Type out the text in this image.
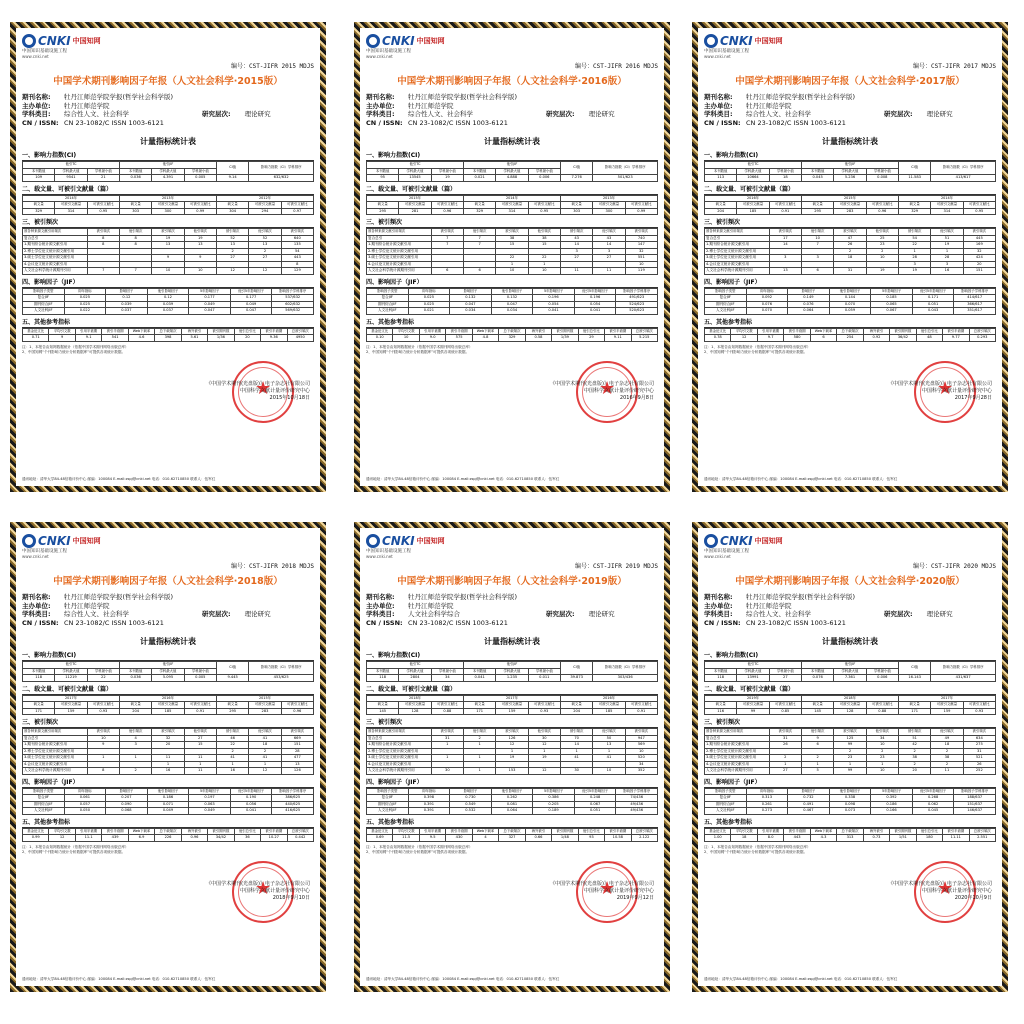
CNKI 中国知网
中国知识基础设施工程
www.cnki.net
编号：CST-JIFR 2015 MDJS
中国学术期刊影响因子年报（人文社会科学·2015版）
期刊名称:	牡丹江师范学院学报(哲学社会科学版)
主办单位:	牡丹江师范学院
学科类目:	综合性人文、社会科学	研究层次: 理论研究
CN / ISSN: CN 23-1082/C ISSN 1003-6121
计量指标统计表
一、影响力指数(CI)
他引TC			他引JIF			CI值	影响力指数（CI）学科排序
本刊数值	学科最大值	学科最小值	本刊数值	学科最大值	学科最小值		
109	9541	21	0.036	4.391	0.005	9.14	632/632
二、载文量、可被引文献量（篇）
2014年			2013年			2012年		
载文量	可被引文献量	可被引文献比	载文量	可被引文献量	可被引文献比	载文量	可被引文献量	可被引文献比
329	314	0.95	303	300	0.99	304	294	0.97
三、被引频次
被各种来源文献引用频次	被引频次	他引频次	被引频次	他引频次	被引频次	他引频次	被引频次
复合总引	8	8	19	19	52	52	640
1.期刊综合统计源文献引用	8	8	13	13	13	13	135
2.博士学位论文统计源文献引用					2	2	54
3.硕士学位论文统计源文献引用			9	9	27	27	443
4.会议论文统计源文献引用							8
人文社会科学统计源期刊引用	7	7	10	10	12	12	129
四、影响因子（JIF）
影响因子类型	即年指标	影响因子	他引影响因子	5年影响因子	他引5年影响因子	影响因子学科排序
复合JIF	0.025	0.12	0.12	0.177	0.177	537/632
期刊综合JIF	0.025	0.039	0.039	0.049	0.049	602/632
人文社科JIF	0.022	0.037	0.037	0.047	0.047	569/632
五、其他参考指标
基金论文比	平均引文数	引用半衰期	被引半衰期	Web下载率	总下载频次	海外被引	被引期刊数	他引总引比	被引半衰期	总被引频次
0.71	9	9.1	541	4.6	398	5.61	1/36	20	9.36	4950
注：1、本报告由知网数据统计（依据中国学术期刊网络出版总库）
2、中国知网“个刊影响力统计分析数据库”可提供各项统计数据。
★
《中国学术期刊(光盘版)》电子杂志社有限公司
中国科学文献计量评价研究中心
2015年10月18日
通讯地址：清华大学84-48信箱评价中心 邮编：100084 E-mail:zspj@cnki.net 电话：010-62710850 联系人：伍军红
CNKI 中国知网
中国知识基础设施工程
www.cnki.net
编号：CST-JIFR 2016 MDJS
中国学术期刊影响因子年报（人文社会科学·2016版）
期刊名称:	牡丹江师范学院学报(哲学社会科学版)
主办单位:	牡丹江师范学院
学科类目:	综合性人文、社会科学	研究层次: 理论研究
CN / ISSN: CN 23-1082/C ISSN 1003-6121
计量指标统计表
一、影响力指数(CI)
他引TC			他引JIF			CI值	影响力指数（CI）学科排序
本刊数值	学科最大值	学科最小值	本刊数值	学科最大值	学科最小值		
95	13545	19	0.021	4.888	0.006	7.276	501/623
二、载文量、可被引文献量（篇）
2015年			2014年			2013年		
载文量	可被引文献量	可被引文献比	载文量	可被引文献量	可被引文献比	载文量	可被引文献量	可被引文献比
295	281	0.96	329	314	0.95	303	300	0.99
三、被引频次
被各种来源文献引用频次	被引频次	他引频次	被引频次	他引频次	被引频次	他引频次	被引频次
复合总引	7	7	38	38	43	43	740
1.期刊综合统计源文献引用	7	7	15	15	14	14	147
2.博士学位论文统计源文献引用					3	3	32
3.硕士学位论文统计源文献引用			22	22	27	27	551
4.会议论文统计源文献引用			1	1			10
人文社会科学统计源期刊引用	6	6	10	10	11	11	119
四、影响因子（JIF）
影响因子类型	即年指标	影响因子	他引影响因子	5年影响因子	他引5年影响因子	影响因子学科排序
复合JIF	0.025	0.132	0.132	0.196	0.196	491/623
期刊综合JIF	0.025	0.047	0.047	0.054	0.054	524/623
人文社科JIF	0.021	0.034	0.034	0.041	0.041	520/623
五、其他参考指标
基金论文比	平均引文数	引用半衰期	被引半衰期	Web下载率	总下载频次	海外被引	被引期刊数	他引总引比	被引半衰期	总被引频次
0.10	10	9.0	575	4.8	329	0.58	1/39	29	9.11	5.215
注：1、本报告由知网数据统计（依据中国学术期刊网络出版总库）
2、中国知网“个刊影响力统计分析数据库”可提供各项统计数据。
★
《中国学术期刊(光盘版)》电子杂志社有限公司
中国科学文献计量评价研究中心
2016年9月8日
通讯地址：清华大学84-48信箱评价中心 邮编：100084 E-mail:zspj@cnki.net 电话：010-62710850 联系人：伍军红
CNKI 中国知网
中国知识基础设施工程
www.cnki.net
编号：CST-JIFR 2017 MDJS
中国学术期刊影响因子年报（人文社会科学·2017版）
期刊名称:	牡丹江师范学院学报(哲学社会科学版)
主办单位:	牡丹江师范学院
学科类目:	综合性人文、社会科学	研究层次: 理论研究
CN / ISSN: CN 23-1082/C ISSN 1003-6121
计量指标统计表
一、影响力指数(CI)
他引TC			他引JIF			CI值	影响力指数（CI）学科排序
本刊数值	学科最大值	学科最小值	本刊数值	学科最大值	学科最小值		
113	10664	18	0.045	5.236	0.008	11.583	413/617
二、载文量、可被引文献量（篇）
2016年			2015年			2014年		
载文量	可被引文献量	可被引文献比	载文量	可被引文献量	可被引文献比	载文量	可被引文献量	可被引文献比
204	185	0.91	295	283	0.96	329	314	0.95
三、被引频次
被各种来源文献引用频次	被引频次	他引频次	被引频次	他引频次	被引频次	他引频次	被引频次
复合总引	17	10	47	25	54	51	445
1.期刊综合统计源文献引用	14	7	26	23	22	19	169
2.博士学位论文统计源文献引用			2	2	1	1	32
3.硕士学位论文统计源文献引用	3	3	18	10	28	28	424
4.会议论文统计源文献引用					3	3	20
人文社会科学统计源期刊引用	13	6	31	19	19	16	151
四、影响因子（JIF）
影响因子类型	即年指标	影响因子	他引影响因子	5年影响因子	他引5年影响因子	影响因子学科排序
复合JIF	0.092	0.149	0.144	0.185	0.171	414/617
期刊综合JIF	0.076	0.076	0.070	0.065	0.051	366/617
人文社科JIF	0.070	0.064	0.059	0.067	0.043	351/617
五、其他参考指标
基金论文比	平均引文数	引用半衰期	被引半衰期	Web下载率	总下载频次	海外被引	被引期刊数	他引总引比	被引半衰期	总被引频次
0.78	12	9.7	580	6	254	0.92	36/42	48	9.77	0.293
注：1、本报告由知网数据统计（依据中国学术期刊网络出版总库）
2、中国知网“个刊影响力统计分析数据库”可提供各项统计数据。
★
《中国学术期刊(光盘版)》电子杂志社有限公司
中国科学文献计量评价研究中心
2017年9月28日
通讯地址：清华大学84-48信箱评价中心 邮编：100084 E-mail:zspj@cnki.net 电话：010-62710850 联系人：伍军红
CNKI 中国知网
中国知识基础设施工程
www.cnki.net
编号：CST-JIFR 2018 MDJS
中国学术期刊影响因子年报（人文社会科学·2018版）
期刊名称:	牡丹江师范学院学报(哲学社会科学版)
主办单位:	牡丹江师范学院
学科类目:	综合性人文、社会科学	研究层次: 理论研究
CN / ISSN: CN 23-1082/C ISSN 1003-6121
计量指标统计表
一、影响力指数(CI)
他引TC			他引JIF			CI值	影响力指数（CI）学科排序
本刊数值	学科最大值	学科最小值	本刊数值	学科最大值	学科最小值		
118	11219	22	0.036	5.095	0.005	9.445	453/625
二、载文量、可被引文献量（篇）
2017年			2016年			2015年		
载文量	可被引文献量	可被引文献比	载文量	可被引文献量	可被引文献比	载文量	可被引文献量	可被引文献比
171	159	0.93	204	185	0.91	295	283	0.96
三、被引频次
被各种来源文献引用频次	被引频次	他引频次	被引频次	他引频次	被引频次	他引频次	被引频次
复合总引	10	4	32	27	46	41	669
1.期刊综合统计源文献引用	9	3	20	15	22	18	151
2.博士学位论文统计源文献引用					2	2	28
3.硕士学位论文统计源文献引用	1	1	11	11	41	41	477
4.会议论文统计源文献引用			1	1	1	1	13
人文社会科学统计源期刊引用	8	2	16	11	16	12	126
四、影响因子（JIF）
影响因子类型	即年指标	影响因子	他引影响因子	5年影响因子	他引5年影响因子	影响因子学科排序
复合JIF	0.061	0.207	0.186	0.197	0.190	386/625
期刊综合JIF	0.057	0.090	0.071	0.063	0.056	440/625
人文社科JIF	0.050	0.068	0.049	0.049	0.041	416/625
五、其他参考指标
基金论文比	平均引文数	引用半衰期	被引半衰期	Web下载率	总下载频次	海外被引	被引期刊数	他引总引比	被引半衰期	总被引频次
0.99	12	11.1	439	6.9	226	0.96	34/42	36	10.27	0.442
注：1、本报告由知网数据统计（依据中国学术期刊网络出版总库）
2、中国知网“个刊影响力统计分析数据库”可提供各项统计数据。
★
《中国学术期刊(光盘版)》电子杂志社有限公司
中国科学文献计量评价研究中心
2018年9月10日
通讯地址：清华大学84-48信箱评价中心 邮编：100084 E-mail:zspj@cnki.net 电话：010-62710850 联系人：伍军红
CNKI 中国知网
中国知识基础设施工程
www.cnki.net
编号：CST-JIFR 2019 MDJS
中国学术期刊影响因子年报（人文社会科学·2019版）
期刊名称:	牡丹江师范学院学报(哲学社会科学版)
主办单位:	牡丹江师范学院
学科类目:	人文社会科学综合	研究层次: 理论研究
CN / ISSN: CN 23-1082/C ISSN 1003-6121
计量指标统计表
一、影响力指数(CI)
他引TC			他引JIF			CI值	影响力指数（CI）学科排序
本刊数值	学科最大值	学科最小值	本刊数值	学科最大值	学科最小值		
118	2804	34	0.041	1.235	0.011	39.873	303/436
二、载文量、可被引文献量（篇）
2018年			2017年			2016年		
载文量	可被引文献量	可被引文献比	载文量	可被引文献量	可被引文献比	载文量	可被引文献量	可被引文献比
145	128	0.88	171	159	0.93	204	185	0.91
三、被引频次
被各种来源文献引用频次	被引频次	他引频次	被引频次	他引频次	被引频次	他引频次	被引频次
复合总引	31	2	126	30	70	50	947
1.期刊综合统计源文献引用	1	1	12	12	14	13	569
2.博士学位论文统计源文献引用			1	1	1	1	10
3.硕士学位论文统计源文献引用	1	1	19	19	41	41	520
4.会议论文统计源文献引用							34
人文社会科学统计源期刊引用	30	1	153	12	30	10	352
四、影响因子（JIF）
影响因子类型	即年指标	影响因子	他引影响因子	5年影响因子	他引5年影响因子	影响因子学科排序
复合JIF	0.398	0.730	0.262	0.386	0.248	74/436
期刊综合JIF	0.391	0.549	0.081	0.205	0.067	49/436
人文社科JIF	0.391	0.532	0.064	0.189	0.051	49/436
五、其他参考指标
基金论文比	平均引文数	引用半衰期	被引半衰期	Web下载率	总下载频次	海外被引	被引期刊数	他引总引比	被引半衰期	总被引频次
0.69	11.5	9.5	430	4	327	0.66	1/48	93	10.58	2.122
注：1、本报告由知网数据统计（依据中国学术期刊网络出版总库）
2、中国知网“个刊影响力统计分析数据库”可提供各项统计数据。
★
《中国学术期刊(光盘版)》电子杂志社有限公司
中国科学文献计量评价研究中心
2019年9月12日
通讯地址：清华大学84-48信箱评价中心 邮编：100084 E-mail:zspj@cnki.net 电话：010-62710850 联系人：伍军红
CNKI 中国知网
中国知识基础设施工程
www.cnki.net
编号：CST-JIFR 2020 MDJS
中国学术期刊影响因子年报（人文社会科学·2020版）
期刊名称:	牡丹江师范学院学报(哲学社会科学版)
主办单位:	牡丹江师范学院
学科类目:	综合性人文、社会科学	研究层次: 理论研究
CN / ISSN: CN 23-1082/C ISSN 1003-6121
计量指标统计表
一、影响力指数(CI)
他引TC			他引JIF			CI值	影响力指数（CI）学科排序
本刊数值	学科最大值	学科最小值	本刊数值	学科最大值	学科最小值		
118	13991	27	0.076	7.361	0.006	16.143	431/637
二、载文量、可被引文献量（篇）
2019年			2018年			2017年		
载文量	可被引文献量	可被引文献比	载文量	可被引文献量	可被引文献比	载文量	可被引文献量	可被引文献比
116	99	0.85	145	128	0.88	171	159	0.93
三、被引频次
被各种来源文献引用频次	被引频次	他引频次	被引频次	他引频次	被引频次	他引频次	被引频次
复合总引	31	9	125	34	51	49	634
1.期刊综合统计源文献引用	26	6	99	10	42	18	275
2.博士学位论文统计源文献引用			2	2	2	2	31
3.硕士学位论文统计源文献引用	2	2	23	23	38	38	521
4.会议论文统计源文献引用	1	1	1	1	2	2	26
人文社会科学统计源期刊引用	27	5	99	10	20	11	252
四、影响因子（JIF）
影响因子类型	即年指标	影响因子	他引影响因子	5年影响因子	他引5年影响因子	影响因子学科排序
复合JIF	0.313	0.732	0.338	0.392	0.268	188/637
期刊综合JIF	0.261	0.491	0.098	0.186	0.062	151/637
人文社科JIF	0.273	0.467	0.073	0.166	0.045	146/637
五、其他参考指标
基金论文比	平均引文数	引用半衰期	被引半衰期	Web下载率	总下载频次	海外被引	被引期刊数	他引总引比	被引半衰期	总被引频次
1.00	18	8.0	443	4.3	313	0.73	1/51	180	11.11	2.551
注：1、本报告由知网数据统计（依据中国学术期刊网络出版总库）
2、中国知网“个刊影响力统计分析数据库”可提供各项统计数据。
★
《中国学术期刊(光盘版)》电子杂志社有限公司
中国科学文献计量评价研究中心
2020年10月9日
通讯地址：清华大学84-48信箱评价中心 邮编：100084 E-mail:zspj@cnki.net 电话：010-62710850 联系人：伍军红
